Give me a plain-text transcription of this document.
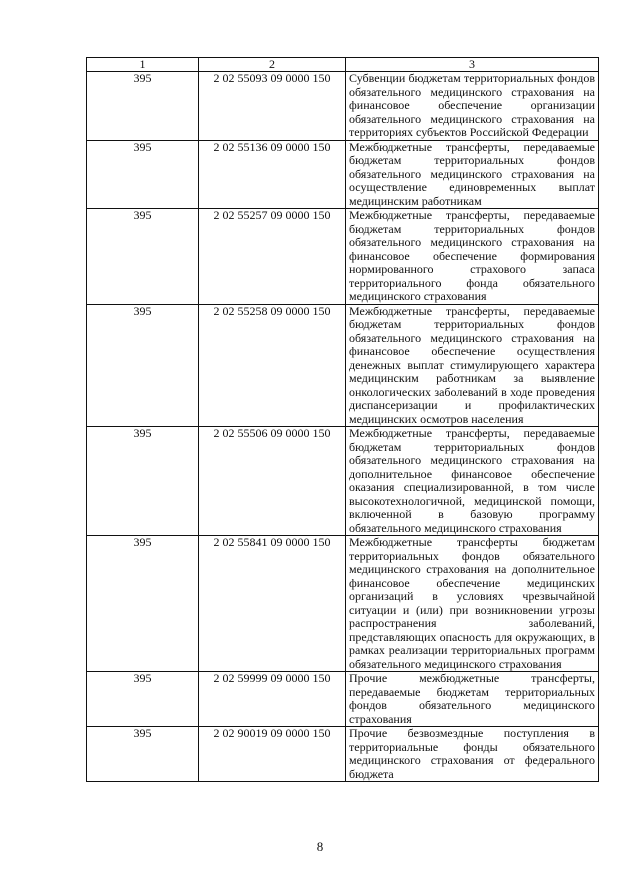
1	2	3
395	2 02 55093 09 0000 150	Субвенции бюджетам территориальных фондов обязательного медицинского страхования на финансовое обеспечение организации обязательного медицинского страхования на территориях субъектов Российской Федерации
395	2 02 55136 09 0000 150	Межбюджетные трансферты, передаваемые бюджетам территориальных фондов обязательного медицинского страхования на осуществление единовременных выплат медицинским работникам
395	2 02 55257 09 0000 150	Межбюджетные трансферты, передаваемые бюджетам территориальных фондов обязательного медицинского страхования на финансовое обеспечение формирования нормированного страхового запаса территориального фонда обязательного медицинского страхования
395	2 02 55258 09 0000 150	Межбюджетные трансферты, передаваемые бюджетам территориальных фондов обязательного медицинского страхования на финансовое обеспечение осуществления денежных выплат стимулирующего характера медицинским работникам за выявление онкологических заболеваний в ходе проведения диспансеризации и профилактических медицинских осмотров населения
395	2 02 55506 09 0000 150	Межбюджетные трансферты, передаваемые бюджетам территориальных фондов обязательного медицинского страхования на дополнительное финансовое обеспечение оказания специализированной, в том числе высокотехнологичной, медицинской помощи, включенной в базовую программу обязательного медицинского страхования
395	2 02 55841 09 0000 150	Межбюджетные трансферты бюджетам территориальных фондов обязательного медицинского страхования на дополнительное финансовое обеспечение медицинских организаций в условиях чрезвычайной ситуации и (или) при возникновении угрозы распространения заболеваний, представляющих опасность для окружающих, в рамках реализации территориальных программ обязательного медицинского страхования
395	2 02 59999 09 0000 150	Прочие межбюджетные трансферты, передаваемые бюджетам территориальных фондов обязательного медицинского страхования
395	2 02 90019 09 0000 150	Прочие безвозмездные поступления в территориальные фонды обязательного медицинского страхования от федерального бюджета
8
